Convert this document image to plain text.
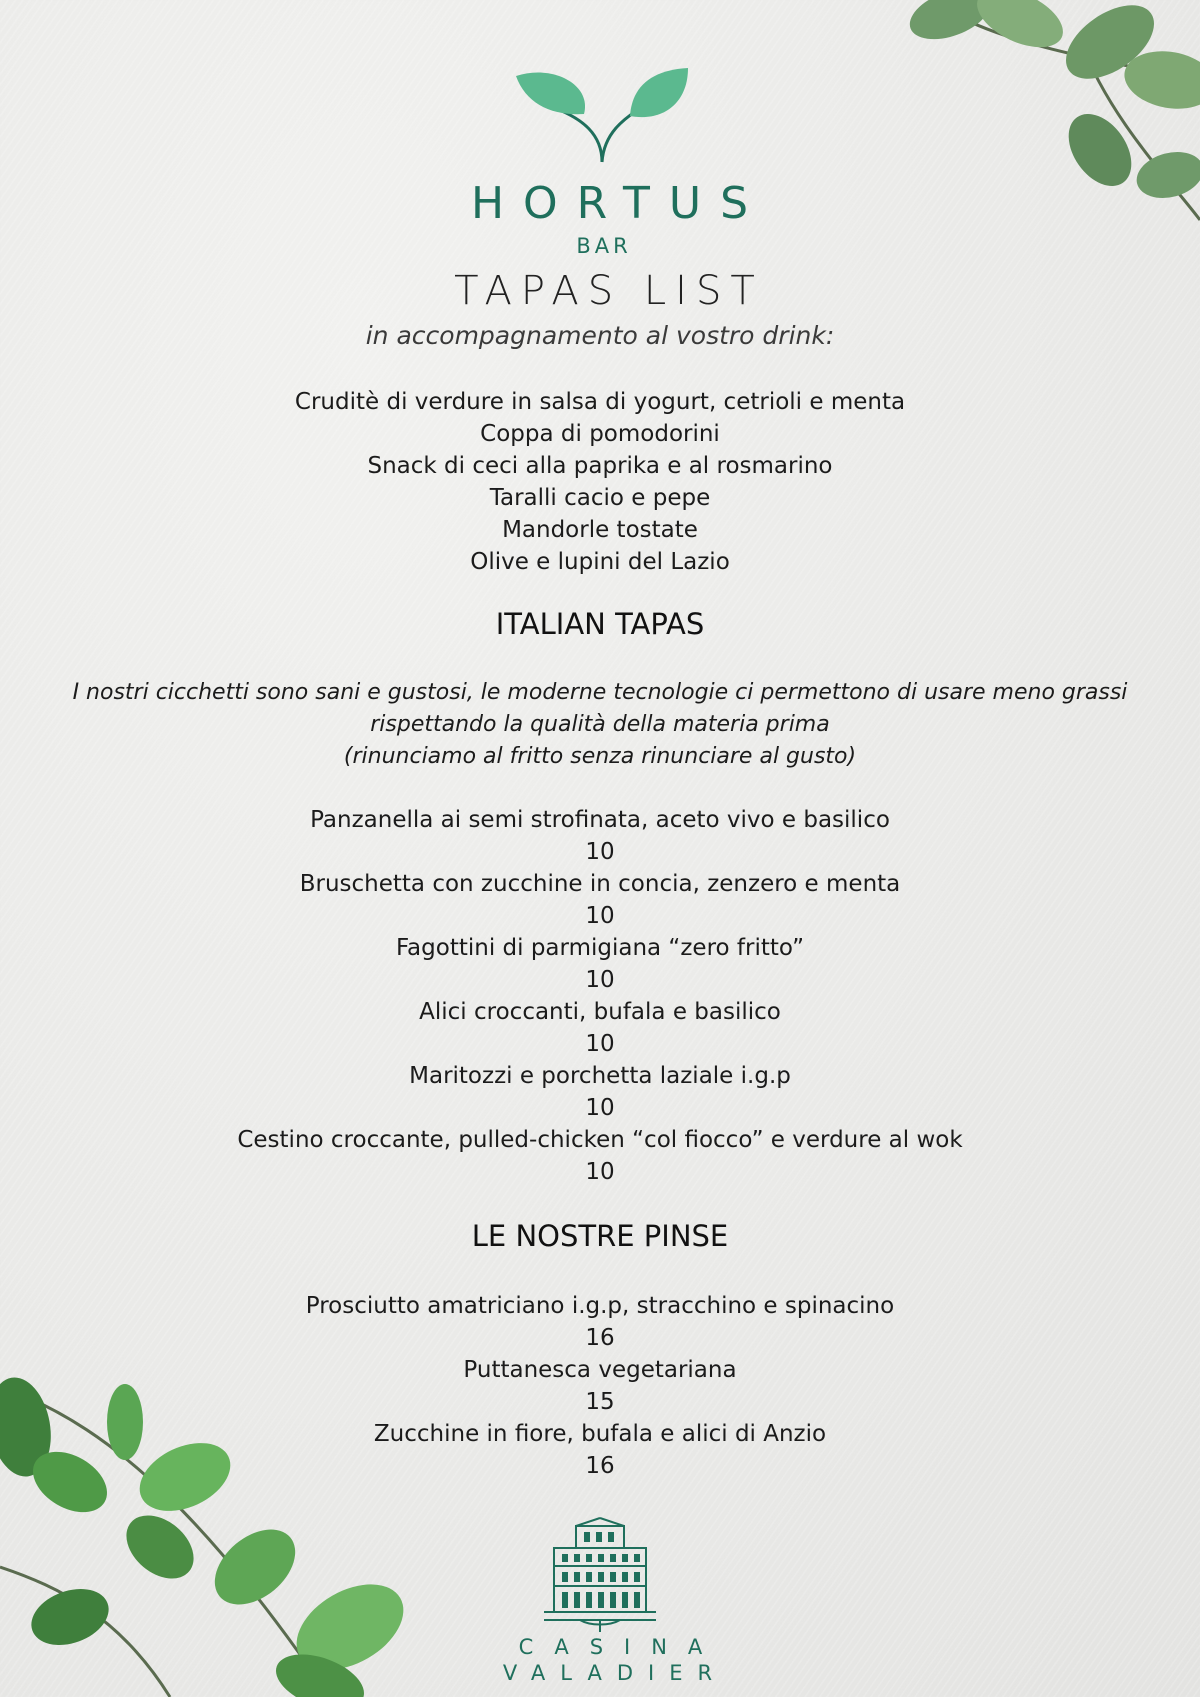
HORTUS
BAR
TAPAS LIST
in accompagnamento al vostro drink:
Cruditè di verdure in salsa di yogurt, cetrioli e menta
Coppa di pomodorini
Snack di ceci alla paprika e al rosmarino
Taralli cacio e pepe
Mandorle tostate
Olive e lupini del Lazio
ITALIAN TAPAS
I nostri cicchetti sono sani e gustosi, le moderne tecnologie ci permettono di usare meno grassi
rispettando la qualità della materia prima
(rinunciamo al fritto senza rinunciare al gusto)
Panzanella ai semi strofinata, aceto vivo e basilico
10
Bruschetta con zucchine in concia, zenzero e menta
10
Fagottini di parmigiana “zero fritto”
10
Alici croccanti, bufala e basilico
10
Maritozzi e porchetta laziale i.g.p
10
Cestino croccante, pulled-chicken “col fiocco” e verdure al wok
10
LE NOSTRE PINSE
Prosciutto amatriciano i.g.p, stracchino e spinacino
16
Puttanesca vegetariana
15
Zucchine in fiore, bufala e alici di Anzio
16
CASINA
VALADIER
